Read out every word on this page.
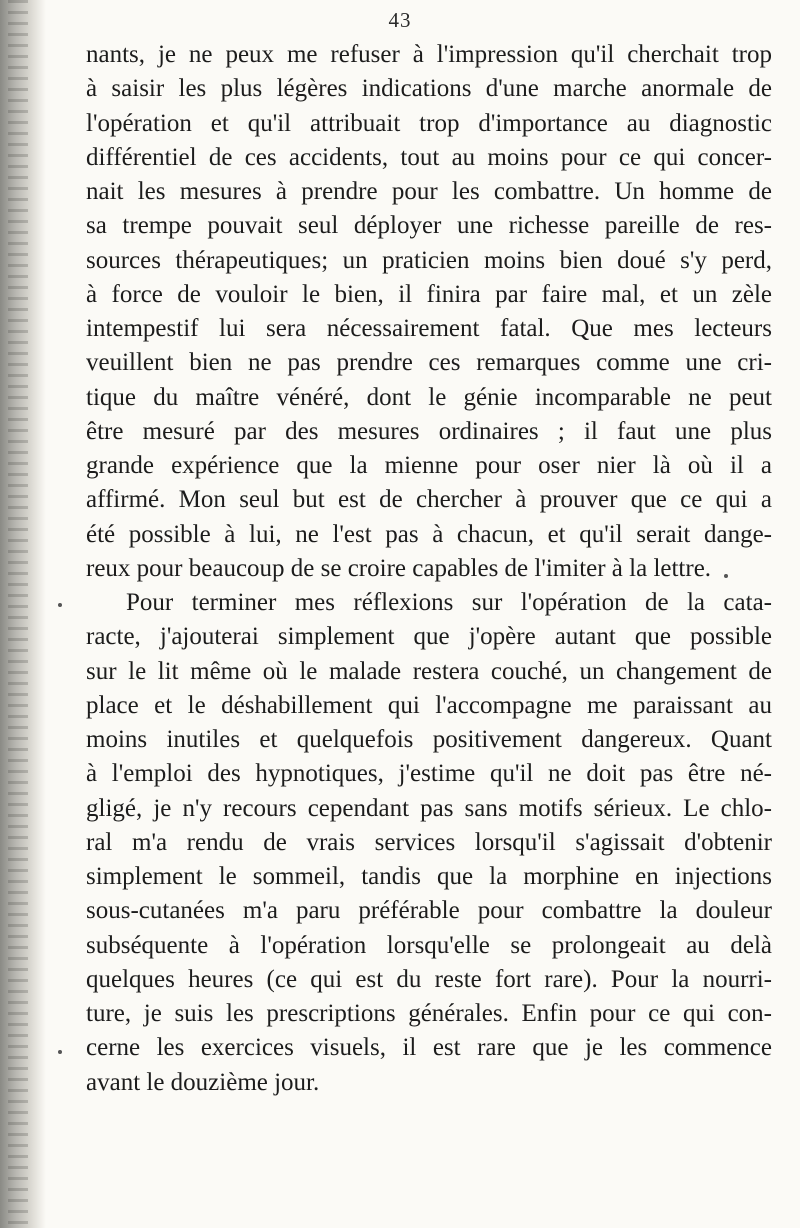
43
nants, je ne peux me refuser à l'impression qu'il cherchait trop
à saisir les plus légères indications d'une marche anormale de
l'opération et qu'il attribuait trop d'importance au diagnostic
différentiel de ces accidents, tout au moins pour ce qui concer-
nait les mesures à prendre pour les combattre. Un homme de
sa trempe pouvait seul déployer une richesse pareille de res-
sources thérapeutiques; un praticien moins bien doué s'y perd,
à force de vouloir le bien, il finira par faire mal, et un zèle
intempestif lui sera nécessairement fatal. Que mes lecteurs
veuillent bien ne pas prendre ces remarques comme une cri-
tique du maître vénéré, dont le génie incomparable ne peut
être mesuré par des mesures ordinaires ; il faut une plus
grande expérience que la mienne pour oser nier là où il a
affirmé. Mon seul but est de chercher à prouver que ce qui a
été possible à lui, ne l'est pas à chacun, et qu'il serait dange-
reux pour beaucoup de se croire capables de l'imiter à la lettre.
Pour terminer mes réflexions sur l'opération de la cata-
racte, j'ajouterai simplement que j'opère autant que possible
sur le lit même où le malade restera couché, un changement de
place et le déshabillement qui l'accompagne me paraissant au
moins inutiles et quelquefois positivement dangereux. Quant
à l'emploi des hypnotiques, j'estime qu'il ne doit pas être né-
gligé, je n'y recours cependant pas sans motifs sérieux. Le chlo-
ral m'a rendu de vrais services lorsqu'il s'agissait d'obtenir
simplement le sommeil, tandis que la morphine en injections
sous-cutanées m'a paru préférable pour combattre la douleur
subséquente à l'opération lorsqu'elle se prolongeait au delà
quelques heures (ce qui est du reste fort rare). Pour la nourri-
ture, je suis les prescriptions générales. Enfin pour ce qui con-
cerne les exercices visuels, il est rare que je les commence
avant le douzième jour.
